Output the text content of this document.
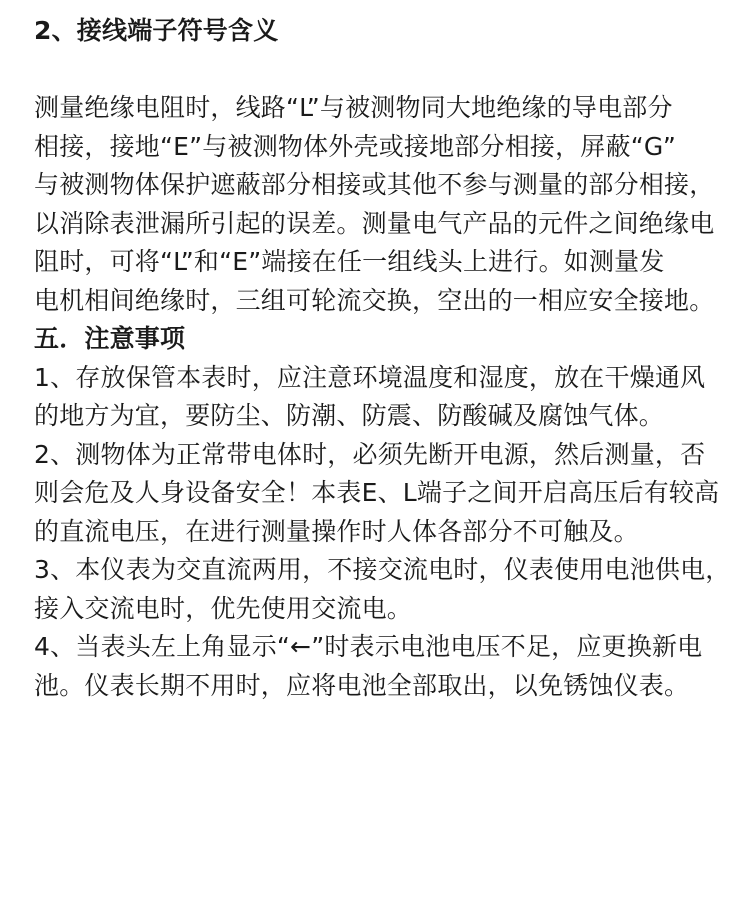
2、接线端子符号含义
测量绝缘电阻时，线路“L”与被测物同大地绝缘的导电部分
相接，接地“E”与被测物体外壳或接地部分相接，屏蔽“G”
与被测物体保护遮蔽部分相接或其他不参与测量的部分相接，
以消除表泄漏所引起的误差。测量电气产品的元件之间绝缘电
阻时，可将“L”和“E”端接在任一组线头上进行。如测量发
电机相间绝缘时，三组可轮流交换，空出的一相应安全接地。
五．注意事项
1、存放保管本表时，应注意环境温度和湿度，放在干燥通风
的地方为宜，要防尘、防潮、防震、防酸碱及腐蚀气体。
2、测物体为正常带电体时，必须先断开电源，然后测量，否
则会危及人身设备安全！本表E、L端子之间开启高压后有较高
的直流电压，在进行测量操作时人体各部分不可触及。
3、本仪表为交直流两用，不接交流电时，仪表使用电池供电，
接入交流电时，优先使用交流电。
4、当表头左上角显示“←”时表示电池电压不足，应更换新电
池。仪表长期不用时，应将电池全部取出，以免锈蚀仪表。
